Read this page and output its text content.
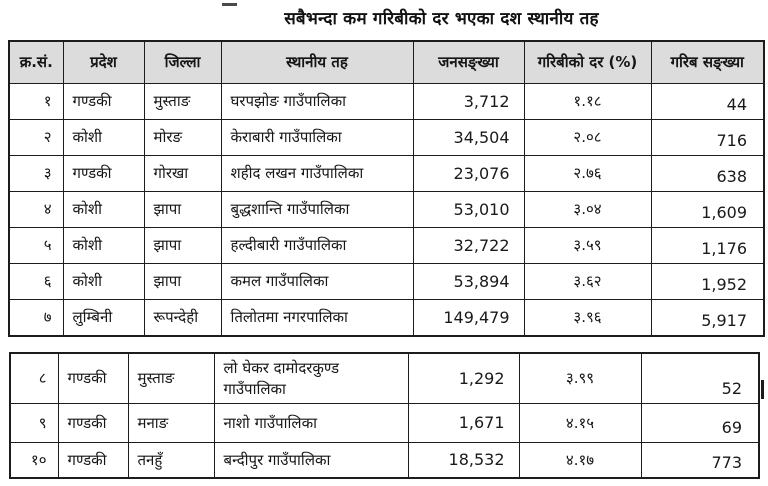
सबैभन्दा कम गरिबीको दर भएका दश स्थानीय तह
क्र.सं.	प्रदेश	जिल्ला	स्थानीय तह	जनसङ्ख्या	गरिबीको दर (%)	गरिब सङ्ख्या
१	गण्डकी	मुस्ताङ	घरपझोङ गाउँपालिका	3,712	१.१८	44
२	कोशी	मोरङ	केराबारी गाउँपालिका	34,504	२.०८	716
३	गण्डकी	गोरखा	शहीद लखन गाउँपालिका	23,076	२.७६	638
४	कोशी	झापा	बुद्धशान्ति गाउँपालिका	53,010	३.०४	1,609
५	कोशी	झापा	हल्दीबारी गाउँपालिका	32,722	३.५९	1,176
६	कोशी	झापा	कमल गाउँपालिका	53,894	३.६२	1,952
७	लुम्बिनी	रूपन्देही	तिलोतमा नगरपालिका	149,479	३.९६	5,917
८	गण्डकी	मुस्ताङ	लो घेकर दामोदरकुण्ड गाउँपालिका	1,292	३.९९	52
९	गण्डकी	मनाङ	नाशो गाउँपालिका	1,671	४.१५	69
१०	गण्डकी	तनहुँ	बन्दीपुर गाउँपालिका	18,532	४.१७	773
